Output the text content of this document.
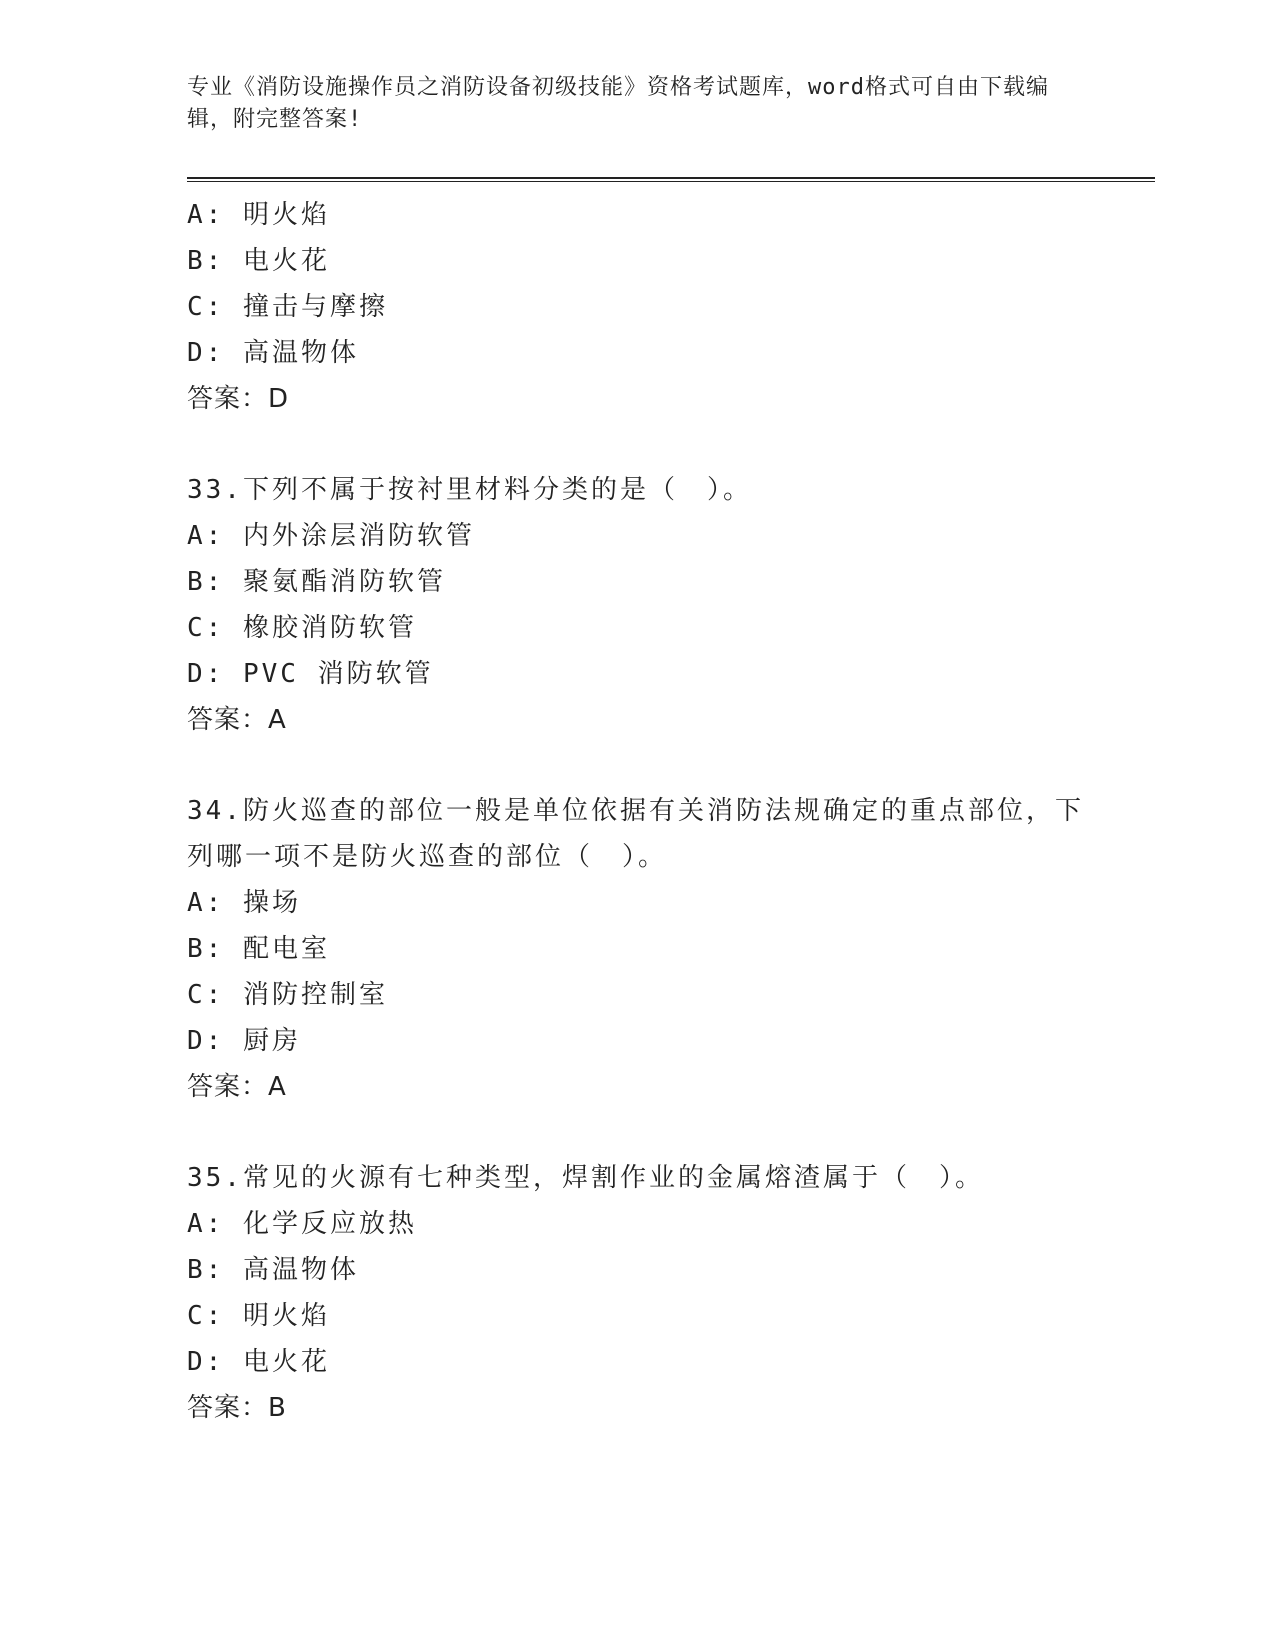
专业《消防设施操作员之消防设备初级技能》资格考试题库，word格式可自由下载编辑，附完整答案!
A: 明火焰
B: 电火花
C: 撞击与摩擦
D: 高温物体
答案：D
33.下列不属于按衬里材料分类的是（　）。
A: 内外涂层消防软管
B: 聚氨酯消防软管
C: 橡胶消防软管
D: PVC 消防软管
答案：A
34.防火巡查的部位一般是单位依据有关消防法规确定的重点部位，下
列哪一项不是防火巡查的部位（　）。
A: 操场
B: 配电室
C: 消防控制室
D: 厨房
答案：A
35.常见的火源有七种类型，焊割作业的金属熔渣属于（　）。
A: 化学反应放热
B: 高温物体
C: 明火焰
D: 电火花
答案：B
